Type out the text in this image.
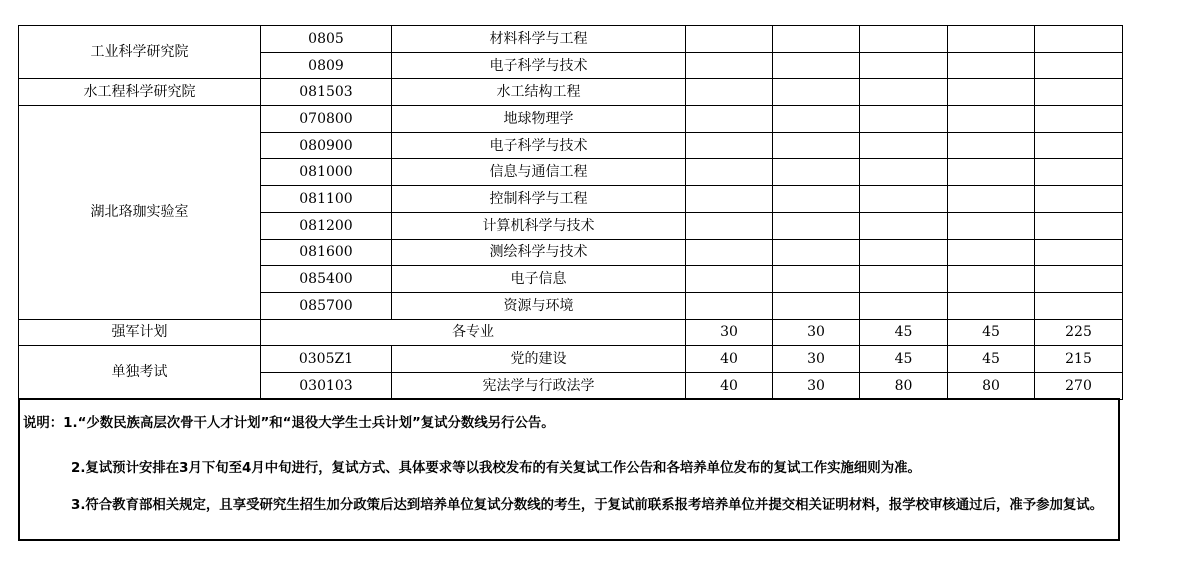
工业科学研究院	0805	材料科学与工程					
	0809	电子科学与技术					
水工程科学研究院	081503	水工结构工程					
湖北珞珈实验室	070800	地球物理学					
	080900	电子科学与技术					
	081000	信息与通信工程					
	081100	控制科学与工程					
	081200	计算机科学与技术					
	081600	测绘科学与技术					
	085400	电子信息					
	085700	资源与环境					
强军计划	各专业		30	30	45	45	225
单独考试	0305Z1	党的建设	40	30	45	45	215
	030103	宪法学与行政法学	40	30	80	80	270

说明：1.“少数民族高层次骨干人才计划”和“退役大学生士兵计划”复试分数线另行公告。

2.复试预计安排在3月下旬至4月中旬进行，复试方式、具体要求等以我校发布的有关复试工作公告和各培养单位发布的复试工作实施细则为准。

3.符合教育部相关规定，且享受研究生招生加分政策后达到培养单位复试分数线的考生，于复试前联系报考培养单位并提交相关证明材料，报学校审核通过后，准予参加复试。
